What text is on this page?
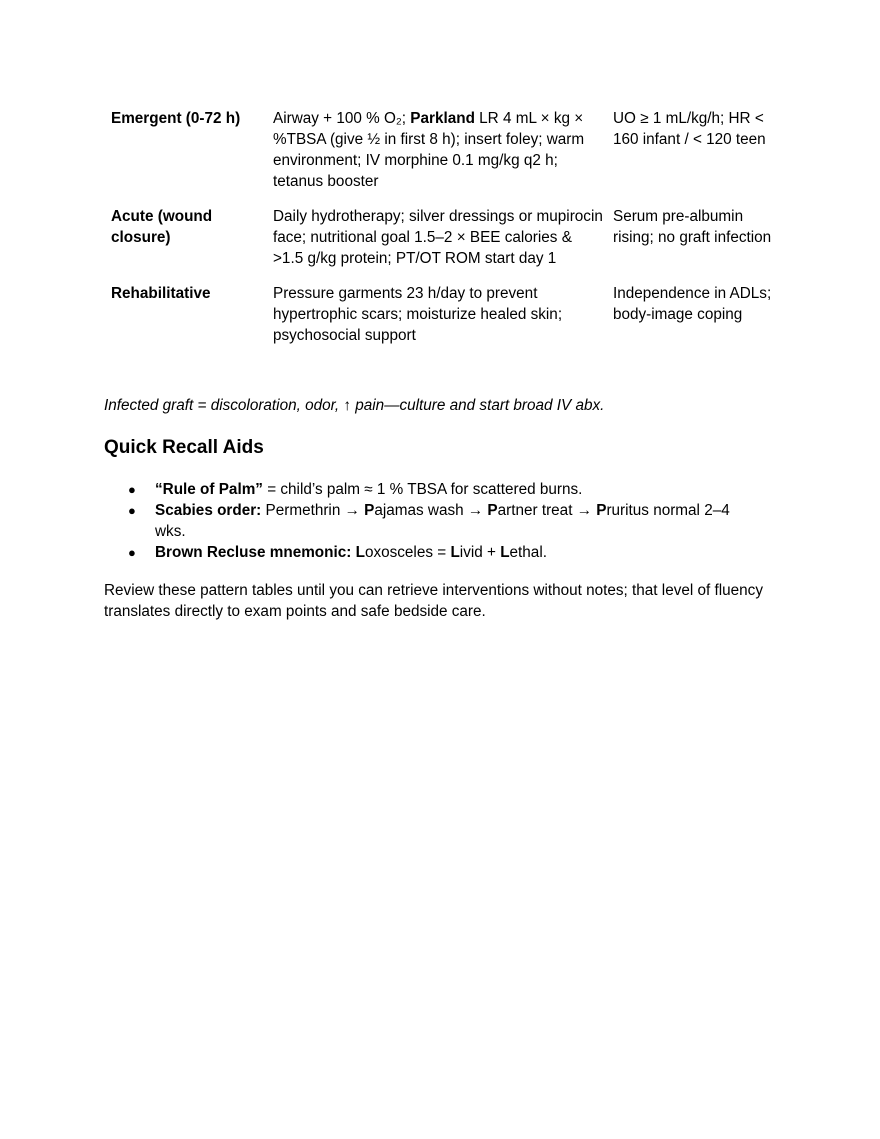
Emergent (0-72 h)	Airway + 100 % O₂; Parkland LR 4 mL × kg × %TBSA (give ½ in first 8 h); insert foley; warm environment; IV morphine 0.1 mg/kg q2 h; tetanus booster	UO ≥ 1 mL/kg/h; HR < 160 infant / < 120 teen

Acute (wound closure)	Daily hydrotherapy; silver dressings or mupirocin face; nutritional goal 1.5–2 × BEE calories & >1.5 g/kg protein; PT/OT ROM start day 1	Serum pre-albumin rising; no graft infection

Rehabilitative	Pressure garments 23 h/day to prevent hypertrophic scars; moisturize healed skin; psychosocial support	Independence in ADLs; body-image coping
Infected graft = discoloration, odor, ↑ pain—culture and start broad IV abx.
Quick Recall Aids
● “Rule of Palm” = child’s palm ≈ 1 % TBSA for scattered burns.
● Scabies order: Permethrin → Pajamas wash → Partner treat → Pruritus normal 2–4 wks.
● Brown Recluse mnemonic: Loxosceles = Livid + Lethal.

Review these pattern tables until you can retrieve interventions without notes; that level of fluency translates directly to exam points and safe bedside care.
